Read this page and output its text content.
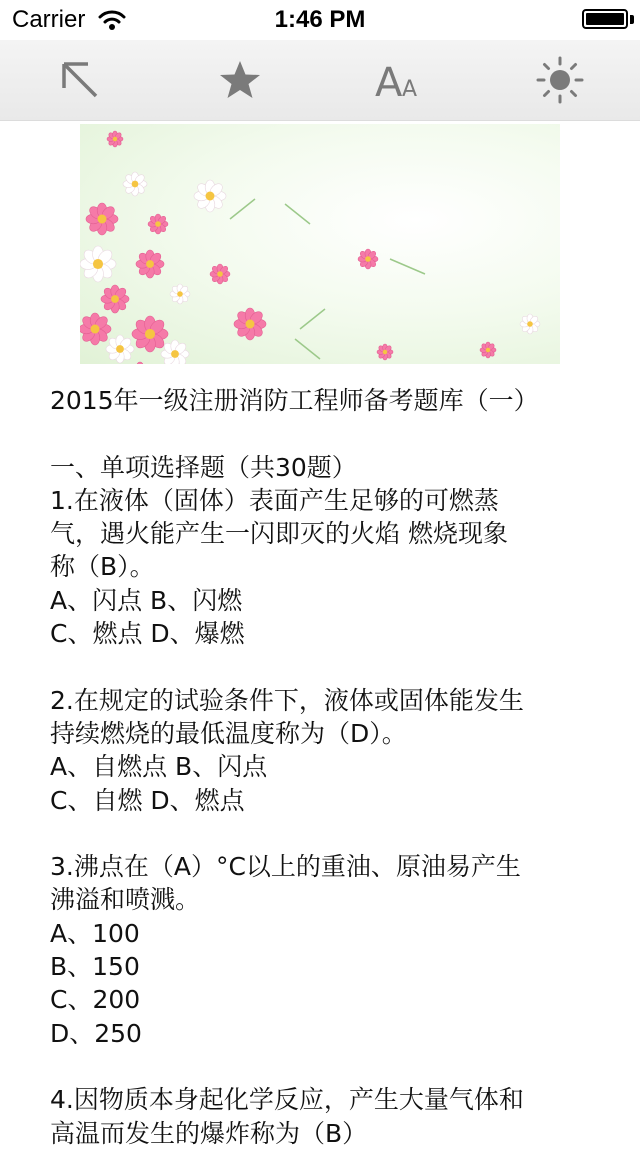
Carrier	1:46 PM
A A
2015年一级注册消防工程师备考题库（一）
一、单项选择题（共30题）
1.在液体（固体）表面产生足够的可燃蒸
气，遇火能产生一闪即灭的火焰 燃烧现象
称（B）。
A、闪点 B、闪燃
C、燃点 D、爆燃
2.在规定的试验条件下，液体或固体能发生
持续燃烧的最低温度称为（D）。
A、自燃点 B、闪点
C、自燃 D、燃点
3.沸点在（A）°C以上的重油、原油易产生
沸溢和喷溅。
A、100
B、150
C、200
D、250
4.因物质本身起化学反应，产生大量气体和
高温而发生的爆炸称为（B）
